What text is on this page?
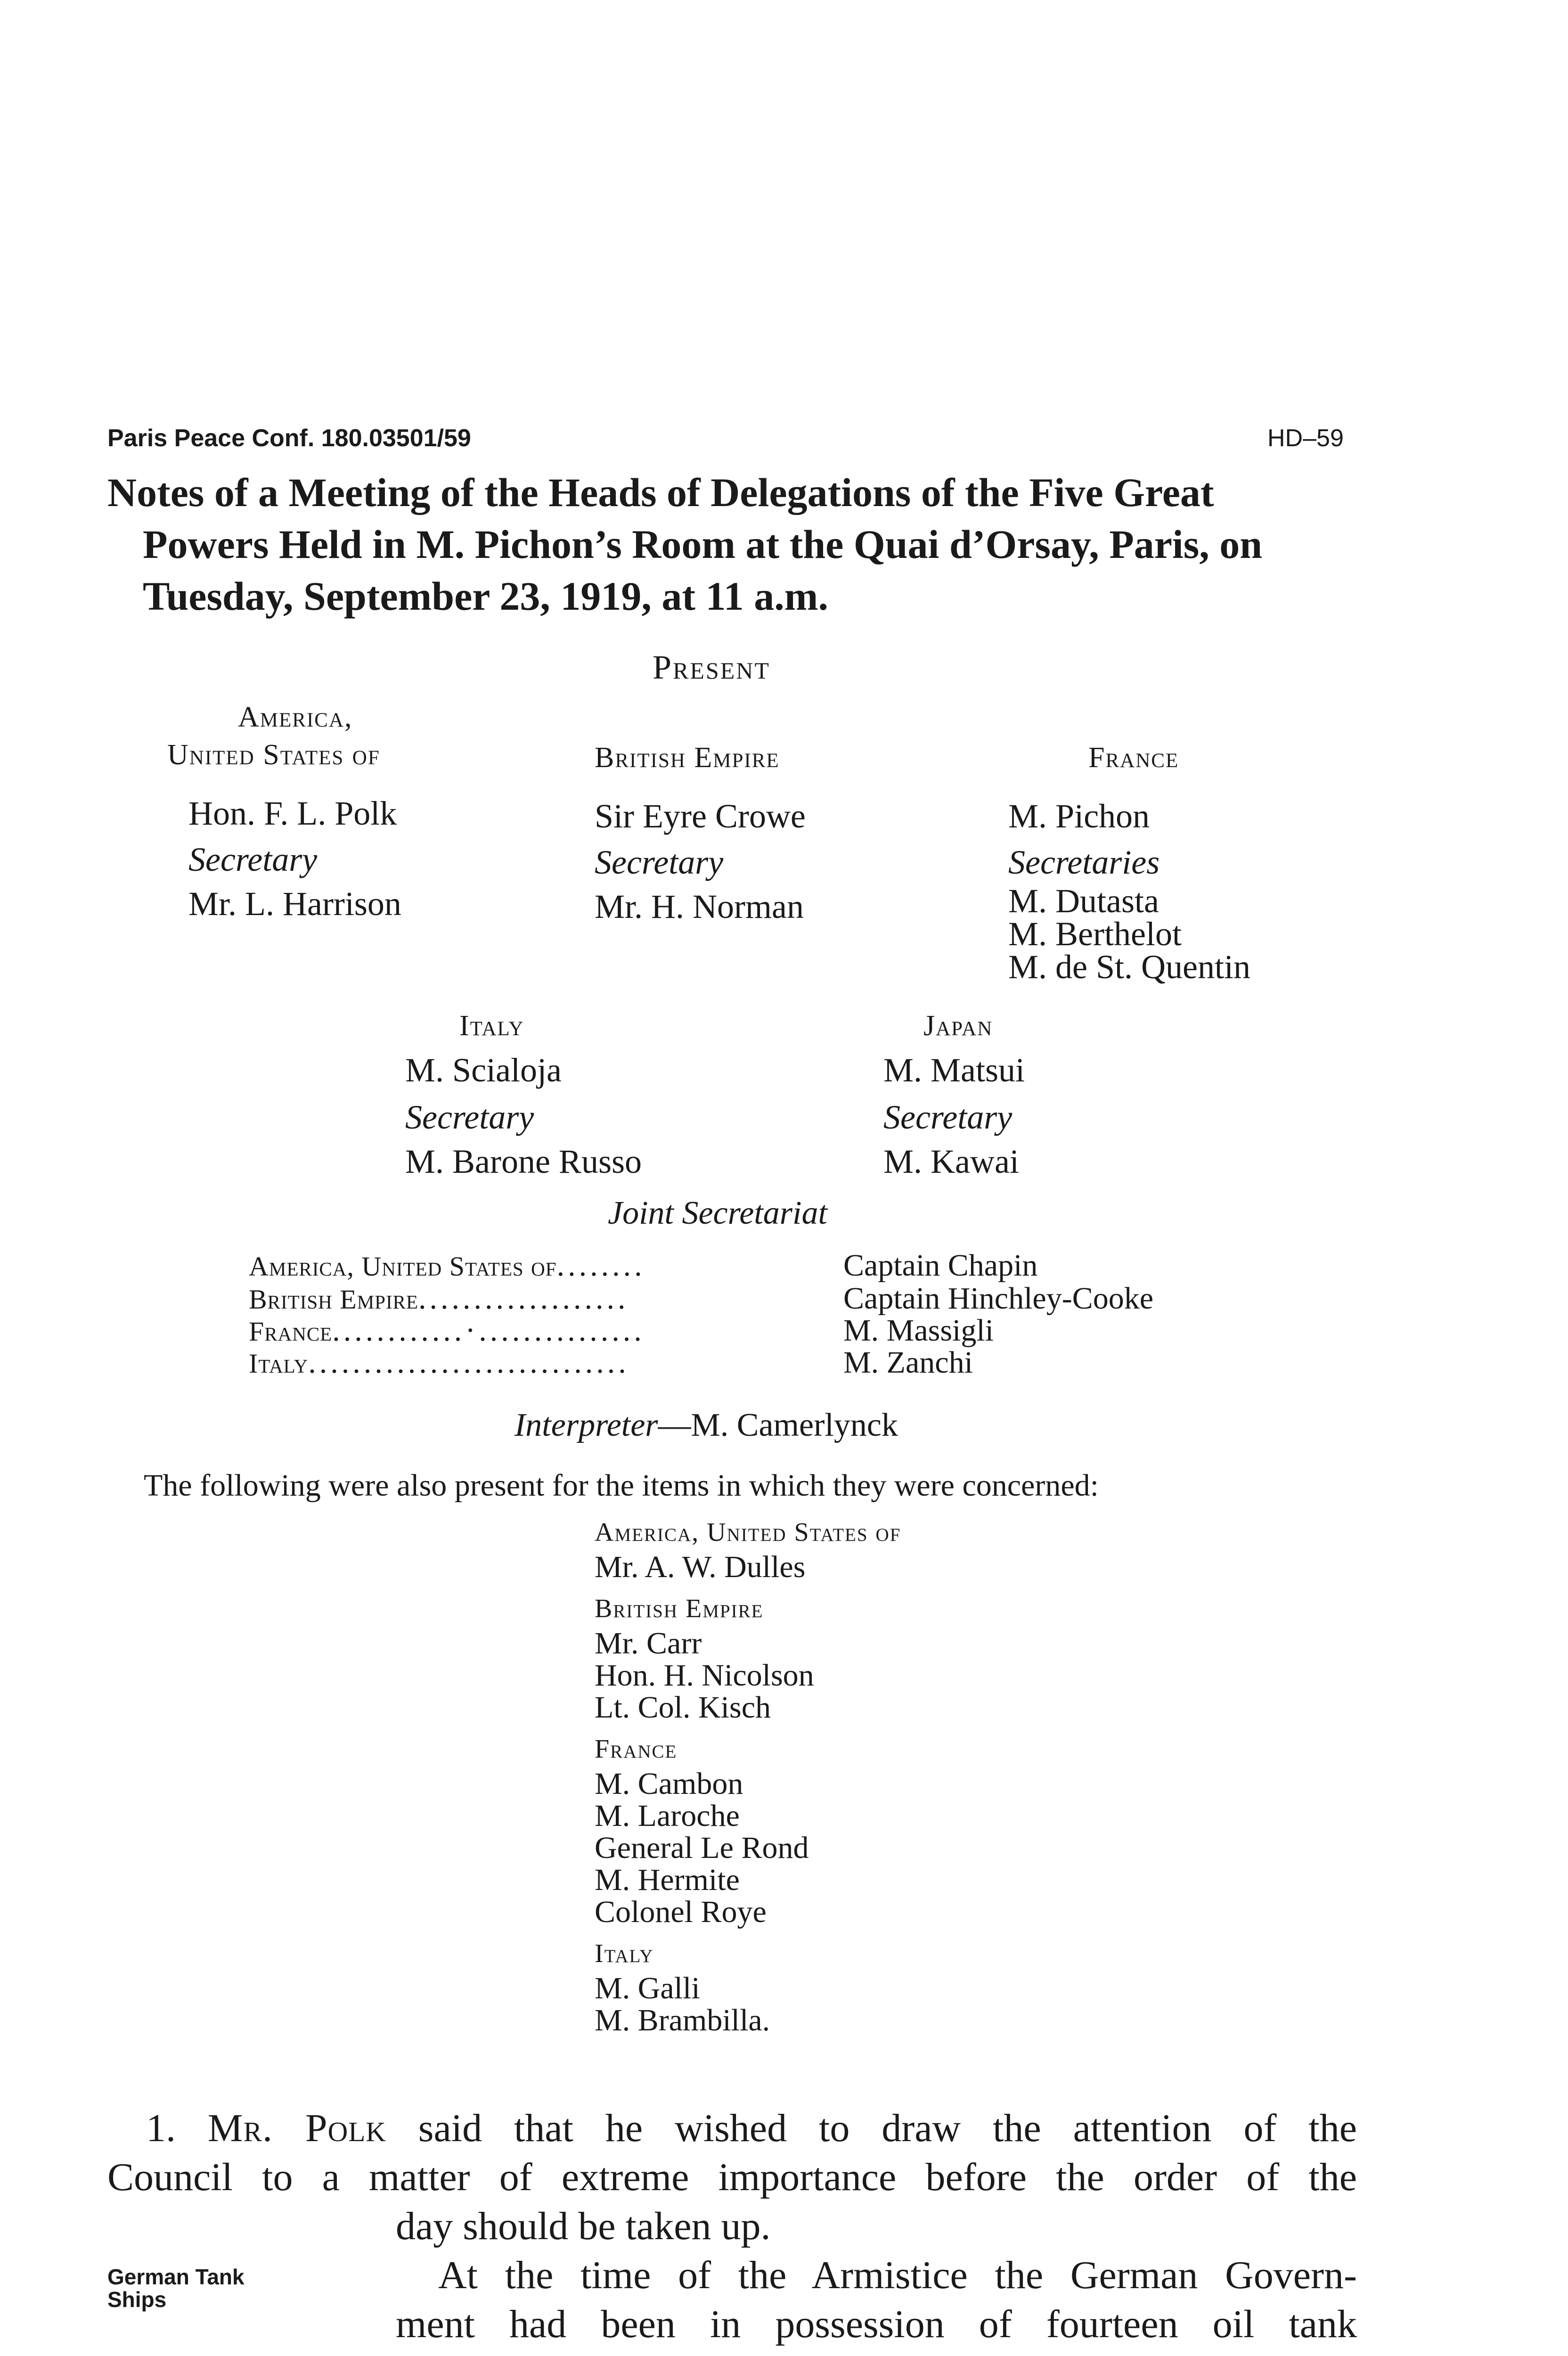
Paris Peace Conf. 180.03501/59	HD–59
Notes of a Meeting of the Heads of Delegations of the Five Great
Powers Held in M. Pichon’s Room at the Quai d’Orsay, Paris, on
Tuesday, September 23, 1919, at 11 a.m.
Present
America,
United States of
Hon. F. L. Polk
Secretary
Mr. L. Harrison
British Empire
Sir Eyre Crowe
Secretary
Mr. H. Norman
France
M. Pichon
Secretaries
M. Dutasta
M. Berthelot
M. de St. Quentin
Italy
M. Scialoja
Secretary
M. Barone Russo
Japan
M. Matsui
Secretary
M. Kawai
Joint Secretariat
America, United States of........	Captain Chapin
British Empire...................	Captain Hinchley-Cooke
France............·...............	M. Massigli
Italy.............................	M. Zanchi
Interpreter—M. Camerlynck
The following were also present for the items in which they were concerned:
America, United States of
Mr. A. W. Dulles
British Empire
Mr. Carr
Hon. H. Nicolson
Lt. Col. Kisch
France
M. Cambon
M. Laroche
General Le Rond
M. Hermite
Colonel Roye
Italy
M. Galli
M. Brambilla.
1. Mr. Polk said that he wished to draw the attention of the
Council to a matter of extreme importance before the order of the
day should be taken up.
At the time of the Armistice the German Govern-
ment had been in possession of fourteen oil tank
German Tank
Ships
